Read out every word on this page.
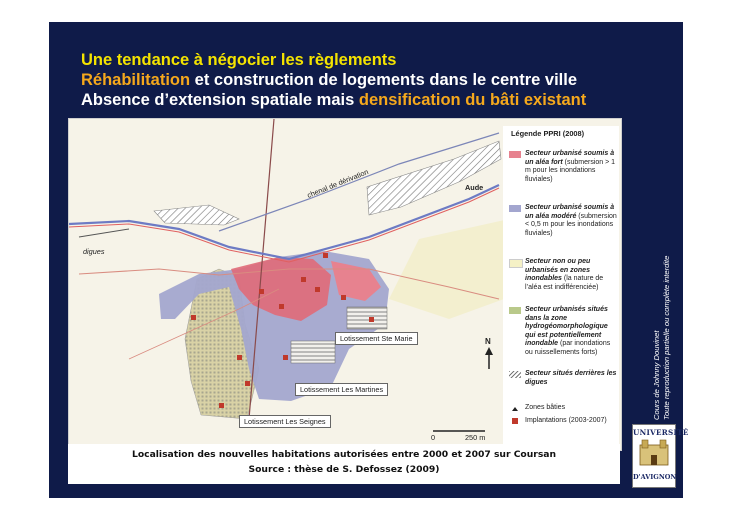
Une tendance à négocier les règlements
Réhabilitation et construction de logements dans le centre ville
Absence d’extension spatiale mais densification du bâti existant
chenal de dérivation	Aude
digues
Lotissement Ste Marie
Lotissement Les Martines
Lotissement Les Seignes
N
0	250 m
Légende PPRI (2008)
Secteur urbanisé soumis à un aléa fort (submersion > 1 m pour les inondations fluviales)
Secteur urbanisé soumis à un aléa modéré (submersion < 0,5 m pour les inondations fluviales)
Secteur non ou peu urbanisés en zones inondables (la nature de l’aléa est indifférenciée)
Secteur urbanisés situés dans la zone hydrogéomorphologique qui est potentiellement inondable (par inondations ou ruissellements forts)
Secteur situés derrières les digues
Zones bâties
Implantations (2003-2007)
Localisation des nouvelles habitations autorisées entre 2000 et 2007 sur Coursan
Source : thèse de S. Defossez (2009)
Cours de Johnny Douvinet Toute reproduction partielle ou complète interdite
UNIVERSITÉ
D'AVIGNON
